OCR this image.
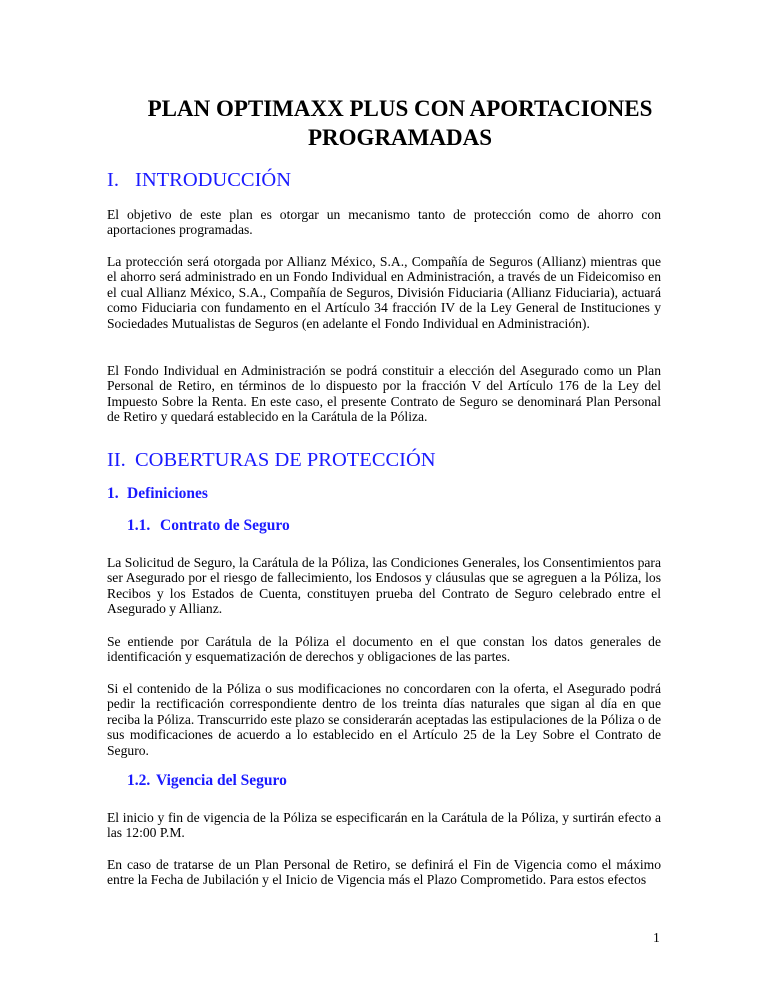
PLAN OPTIMAXX PLUS CON APORTACIONES
PROGRAMADAS
I. INTRODUCCIÓN

El objetivo de este plan es otorgar un mecanismo tanto de protección como de ahorro con aportaciones programadas.

La protección será otorgada por Allianz México, S.A., Compañía de Seguros (Allianz) mientras que el ahorro será administrado en un Fondo Individual en Administración, a través de un Fideicomiso en el cual Allianz México, S.A., Compañía de Seguros, División Fiduciaria (Allianz Fiduciaria), actuará como Fiduciaria con fundamento en el Artículo 34 fracción IV de la Ley General de Instituciones y Sociedades Mutualistas de Seguros (en adelante el Fondo Individual en Administración).

El Fondo Individual en Administración se podrá constituir a elección del Asegurado como un Plan Personal de Retiro, en términos de lo dispuesto por la fracción V del Artículo 176 de la Ley del Impuesto Sobre la Renta. En este caso, el presente Contrato de Seguro se denominará Plan Personal de Retiro y quedará establecido en la Carátula de la Póliza.

II. COBERTURAS DE PROTECCIÓN
1. Definiciones
1.1. Contrato de Seguro

La Solicitud de Seguro, la Carátula de la Póliza, las Condiciones Generales, los Consentimientos para ser Asegurado por el riesgo de fallecimiento, los Endosos y cláusulas que se agreguen a la Póliza, los Recibos y los Estados de Cuenta, constituyen prueba del Contrato de Seguro celebrado entre el Asegurado y Allianz.

Se entiende por Carátula de la Póliza el documento en el que constan los datos generales de identificación y esquematización de derechos y obligaciones de las partes.

Si el contenido de la Póliza o sus modificaciones no concordaren con la oferta, el Asegurado podrá pedir la rectificación correspondiente dentro de los treinta días naturales que sigan al día en que reciba la Póliza. Transcurrido este plazo se considerarán aceptadas las estipulaciones de la Póliza o de sus modificaciones de acuerdo a lo establecido en el Artículo 25 de la Ley Sobre el Contrato de Seguro.

1.2. Vigencia del Seguro

El inicio y fin de vigencia de la Póliza se especificarán en la Carátula de la Póliza, y surtirán efecto a las 12:00 P.M.

En caso de tratarse de un Plan Personal de Retiro, se definirá el Fin de Vigencia como el máximo entre la Fecha de Jubilación y el Inicio de Vigencia más el Plazo Comprometido. Para estos efectos

1
